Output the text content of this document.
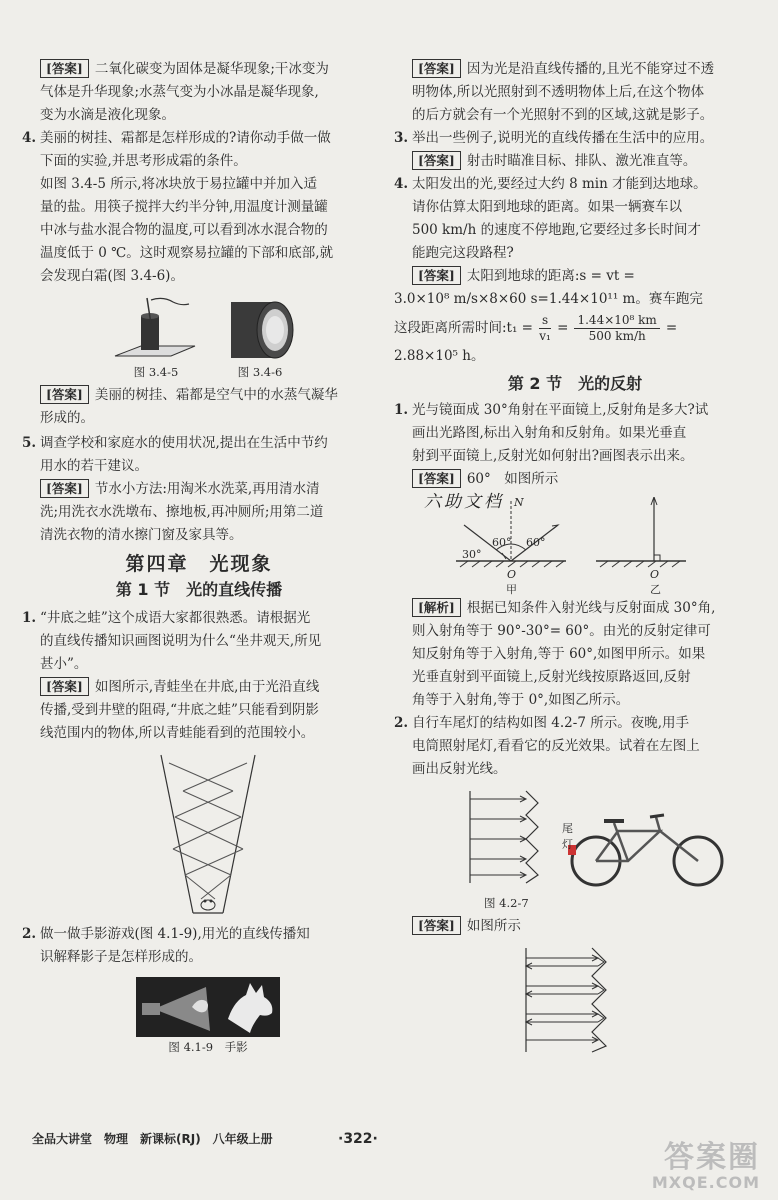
[答案] 二氧化碳变为固体是凝华现象;干冰变为

气体是升华现象;水蒸气变为小冰晶是凝华现象,

变为水滴是液化现象。

4. 美丽的树挂、霜都是怎样形成的?请你动手做一做

下面的实验,并思考形成霜的条件。

如图 3.4-5 所示,将冰块放于易拉罐中并加入适

量的盐。用筷子搅拌大约半分钟,用温度计测量罐

中冰与盐水混合物的温度,可以看到冰水混合物的

温度低于 0 ℃。这时观察易拉罐的下部和底部,就

会发现白霜(图 3.4-6)。

图 3.4-5	图 3.4-6

[答案] 美丽的树挂、霜都是空气中的水蒸气凝华

形成的。

5. 调查学校和家庭水的使用状况,提出在生活中节约

用水的若干建议。

[答案] 节水小方法:用淘米水洗菜,再用清水清

洗;用洗衣水洗墩布、擦地板,再冲厕所;用第二道

清洗衣物的清水擦门窗及家具等。

第四章　光现象
第 1 节　光的直线传播
1. “井底之蛙”这个成语大家都很熟悉。请根据光

的直线传播知识画图说明为什么“坐井观天,所见

甚小”。

[答案] 如图所示,青蛙坐在井底,由于光沿直线

传播,受到井壁的阻碍,“井底之蛙”只能看到阴影

线范围内的物体,所以青蛙能看到的范围较小。

2. 做一做手影游戏(图 4.1-9),用光的直线传播知

识解释影子是怎样形成的。

图 4.1-9　手影

[答案] 因为光是沿直线传播的,且光不能穿过不透

明物体,所以光照射到不透明物体上后,在这个物体

的后方就会有一个光照射不到的区域,这就是影子。

3. 举出一些例子,说明光的直线传播在生活中的应用。

[答案] 射击时瞄准目标、排队、激光准直等。

4. 太阳发出的光,要经过大约 8 min 才能到达地球。

请你估算太阳到地球的距离。如果一辆赛车以

500 km/h 的速度不停地跑,它要经过多长时间才

能跑完这段路程?

[答案] 太阳到地球的距离:s = vt =

3.0×10⁸ m/s×8×60 s=1.44×10¹¹ m。赛车跑完

这段距离所需时间:t₁ = $\frac{s}{\text{v₁}} = \frac{\text{1.44×10⁸ km}}{500 km/h}$ =

2.88×10⁵ h。

第 2 节　光的反射
1. 光与镜面成 30°角射在平面镜上,反射角是多大?试

画出光路图,标出入射角和反射角。如果光垂直

射到平面镜上,反射光如何射出?画图表示出来。

[答案] 60°　如图所示

六助文档 N
30°
60° 60°
O	O
甲	乙

[解析] 根据已知条件入射光线与反射面成 30°角,

则入射角等于 90°-30°= 60°。由光的反射定律可

知反射角等于入射角,等于 60°,如图甲所示。如果

光垂直射到平面镜上,反射光线按原路返回,反射

角等于入射角,等于 0°,如图乙所示。

2. 自行车尾灯的结构如图 4.2-7 所示。夜晚,用手

电筒照射尾灯,看看它的反光效果。试着在左图上

画出反射光线。

尾灯
图 4.2-7

[答案] 如图所示

全品大讲堂　物理　新课标(RJ)　八年级上册	·322·
答案圈
MXQE.COM
